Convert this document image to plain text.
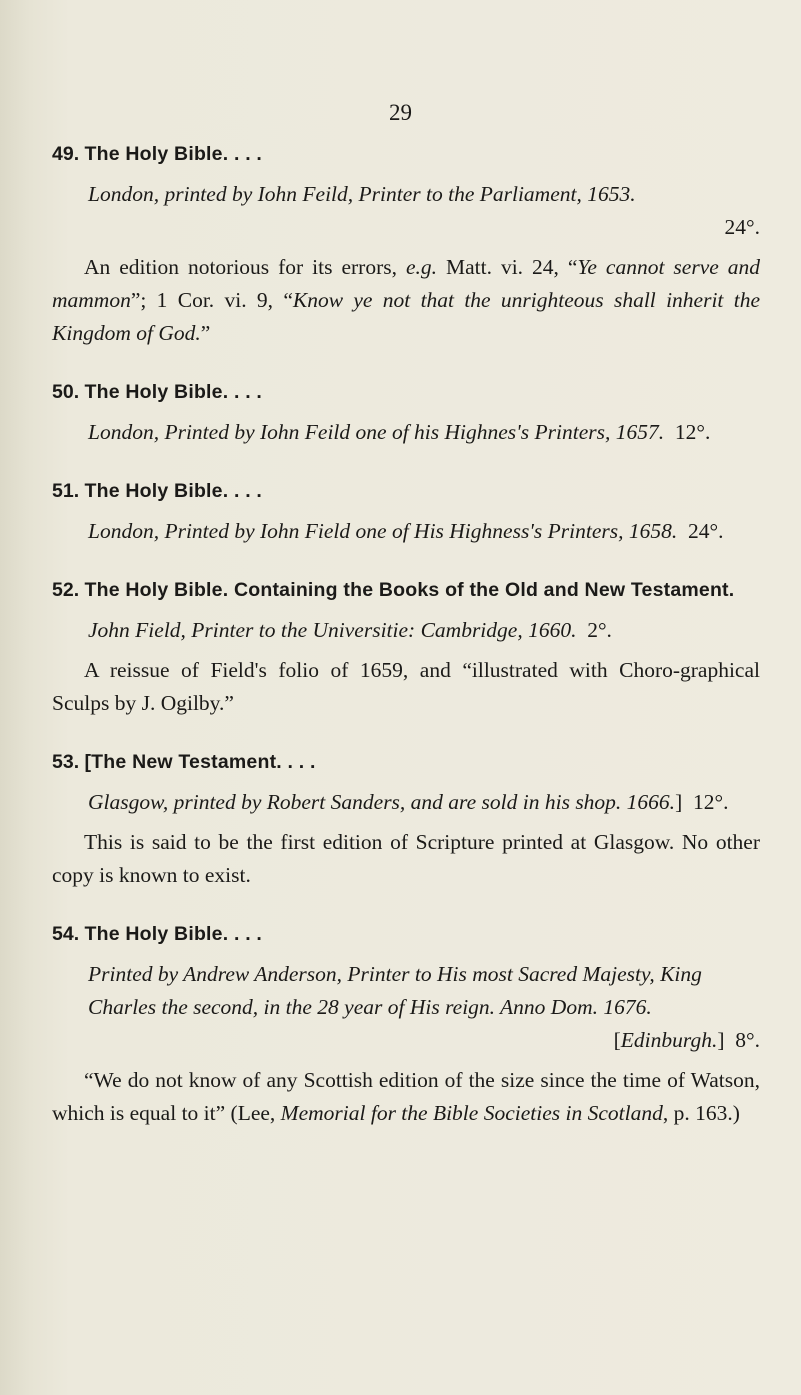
29
49. The Holy Bible. . . .
London, printed by Iohn Feild, Printer to the Parliament, 1653.
24°.
An edition notorious for its errors, e.g. Matt. vi. 24, “Ye cannot serve and mammon”; 1 Cor. vi. 9, “Know ye not that the unrighteous shall inherit the Kingdom of God.”
50. The Holy Bible. . . .
London, Printed by Iohn Feild one of his Highnes's Printers, 1657. 12°.
51. The Holy Bible. . . .
London, Printed by Iohn Field one of His Highness's Printers, 1658. 24°.
52. The Holy Bible. Containing the Books of the Old and New Testament.
John Field, Printer to the Universitie: Cambridge, 1660. 2°.
A reissue of Field's folio of 1659, and “illustrated with Choro-graphical Sculps by J. Ogilby.”
53. [The New Testament. . . .
Glasgow, printed by Robert Sanders, and are sold in his shop. 1666.] 12°.
This is said to be the first edition of Scripture printed at Glasgow. No other copy is known to exist.
54. The Holy Bible. . . .
Printed by Andrew Anderson, Printer to His most Sacred Majesty, King Charles the second, in the 28 year of His reign. Anno Dom. 1676.
[Edinburgh.]  8°.
“We do not know of any Scottish edition of the size since the time of Watson, which is equal to it” (Lee, Memorial for the Bible Societies in Scotland, p. 163.)
